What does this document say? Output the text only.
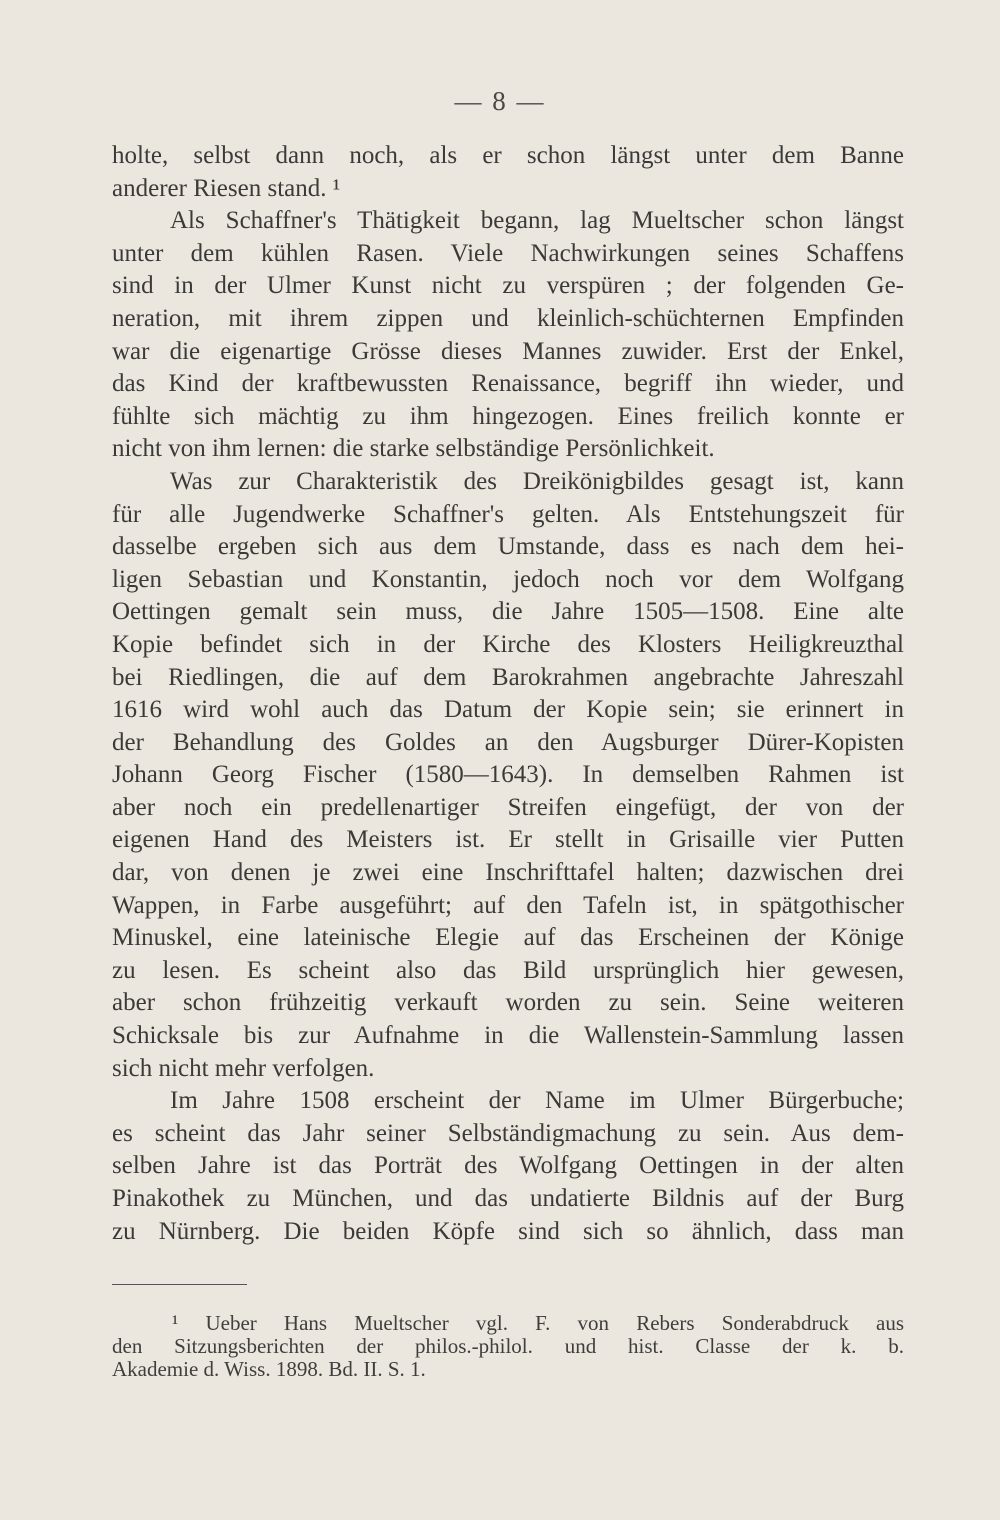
— 8 —

holte, selbst dann noch, als er schon längst unter dem Banne
anderer Riesen stand. ¹

Als Schaffner's Thätigkeit begann, lag Mueltscher schon längst
unter dem kühlen Rasen. Viele Nachwirkungen seines Schaffens
sind in der Ulmer Kunst nicht zu verspüren ; der folgenden Ge-
neration, mit ihrem zippen und kleinlich-schüchternen Empfinden
war die eigenartige Grösse dieses Mannes zuwider. Erst der Enkel,
das Kind der kraftbewussten Renaissance, begriff ihn wieder, und
fühlte sich mächtig zu ihm hingezogen. Eines freilich konnte er
nicht von ihm lernen: die starke selbständige Persönlichkeit.

Was zur Charakteristik des Dreikönigbildes gesagt ist, kann
für alle Jugendwerke Schaffner's gelten. Als Entstehungszeit für
dasselbe ergeben sich aus dem Umstande, dass es nach dem hei-
ligen Sebastian und Konstantin, jedoch noch vor dem Wolfgang
Oettingen gemalt sein muss, die Jahre 1505—1508. Eine alte
Kopie befindet sich in der Kirche des Klosters Heiligkreuzthal
bei Riedlingen, die auf dem Barokrahmen angebrachte Jahreszahl
1616 wird wohl auch das Datum der Kopie sein; sie erinnert in
der Behandlung des Goldes an den Augsburger Dürer-Kopisten
Johann Georg Fischer (1580—1643). In demselben Rahmen ist
aber noch ein predellenartiger Streifen eingefügt, der von der
eigenen Hand des Meisters ist. Er stellt in Grisaille vier Putten
dar, von denen je zwei eine Inschrifttafel halten; dazwischen drei
Wappen, in Farbe ausgeführt; auf den Tafeln ist, in spätgothischer
Minuskel, eine lateinische Elegie auf das Erscheinen der Könige
zu lesen. Es scheint also das Bild ursprünglich hier gewesen,
aber schon frühzeitig verkauft worden zu sein. Seine weiteren
Schicksale bis zur Aufnahme in die Wallenstein-Sammlung lassen
sich nicht mehr verfolgen.

Im Jahre 1508 erscheint der Name im Ulmer Bürgerbuche;
es scheint das Jahr seiner Selbständigmachung zu sein. Aus dem-
selben Jahre ist das Porträt des Wolfgang Oettingen in der alten
Pinakothek zu München, und das undatierte Bildnis auf der Burg
zu Nürnberg. Die beiden Köpfe sind sich so ähnlich, dass man

¹ Ueber Hans Mueltscher vgl. F. von Rebers Sonderabdruck aus
den Sitzungsberichten der philos.-philol. und hist. Classe der k. b.
Akademie d. Wiss. 1898. Bd. II. S. 1.
